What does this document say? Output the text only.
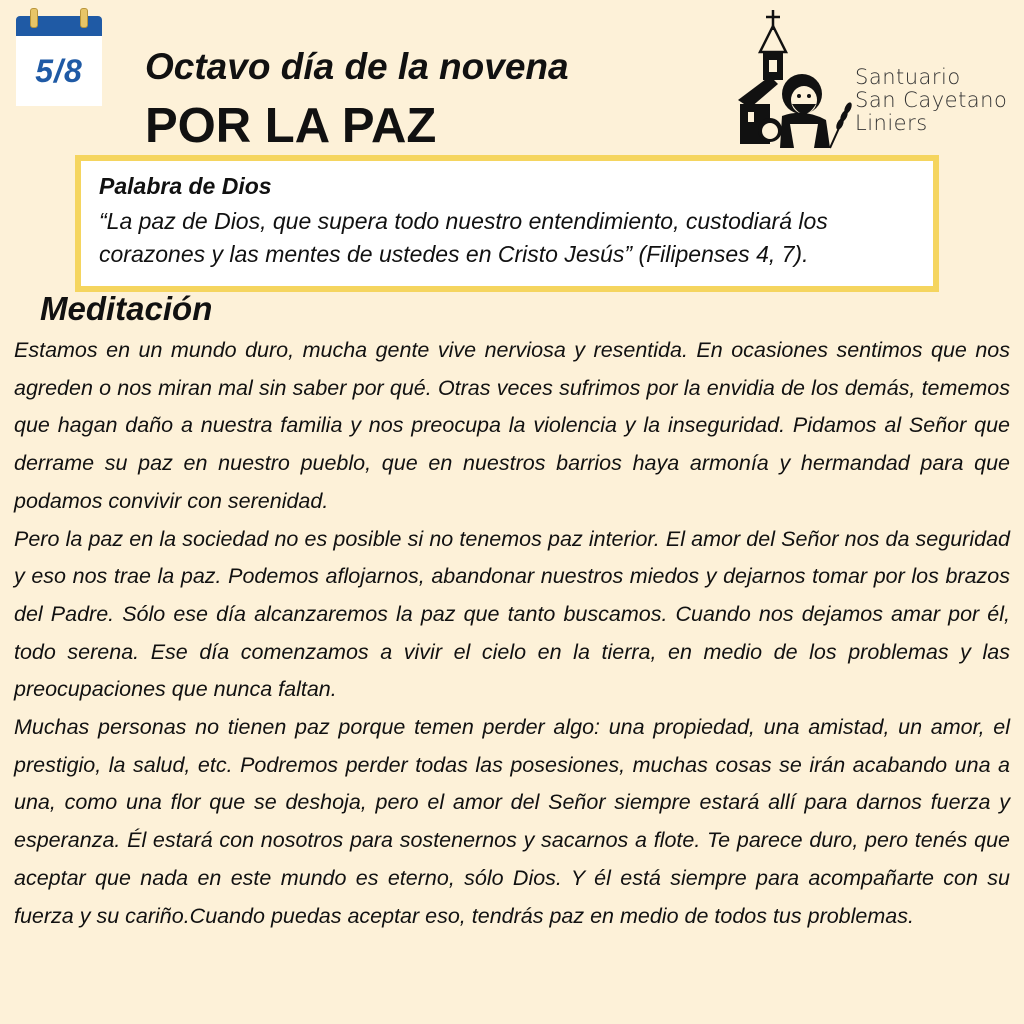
5/8 Octavo día de la novena
POR LA PAZ
Santuario
San Cayetano
Liniers
Palabra de Dios
“La paz de Dios, que supera todo nuestro entendimiento, custodiará los corazones y las mentes de ustedes en Cristo Jesús” (Filipenses 4, 7).
Meditación

Estamos en un mundo duro, mucha gente vive nerviosa y resentida. En ocasiones sentimos que nos agreden o nos miran mal sin saber por qué. Otras veces sufrimos por la envidia de los demás, tememos que hagan daño a nuestra familia y nos preocupa la violencia y la inseguridad. Pidamos al Señor que derrame su paz en nuestro pueblo, que en nuestros barrios haya armonía y hermandad para que podamos convivir con serenidad.

Pero la paz en la sociedad no es posible si no tenemos paz interior. El amor del Señor nos da seguridad y eso nos trae la paz. Podemos aflojarnos, abandonar nuestros miedos y dejarnos tomar por los brazos del Padre. Sólo ese día alcanzaremos la paz que tanto buscamos. Cuando nos dejamos amar por él, todo serena. Ese día comenzamos a vivir el cielo en la tierra, en medio de los problemas y las preocupaciones que nunca faltan.

Muchas personas no tienen paz porque temen perder algo: una propiedad, una amistad, un amor, el prestigio, la salud, etc. Podremos perder todas las posesiones, muchas cosas se irán acabando una a una, como una flor que se deshoja, pero el amor del Señor siempre estará allí para darnos fuerza y esperanza. Él estará con nosotros para sostenernos y sacarnos a flote. Te parece duro, pero tenés que aceptar que nada en este mundo es eterno, sólo Dios. Y él está siempre para acompañarte con su fuerza y su cariño.Cuando puedas aceptar eso, tendrás paz en medio de todos tus problemas.
